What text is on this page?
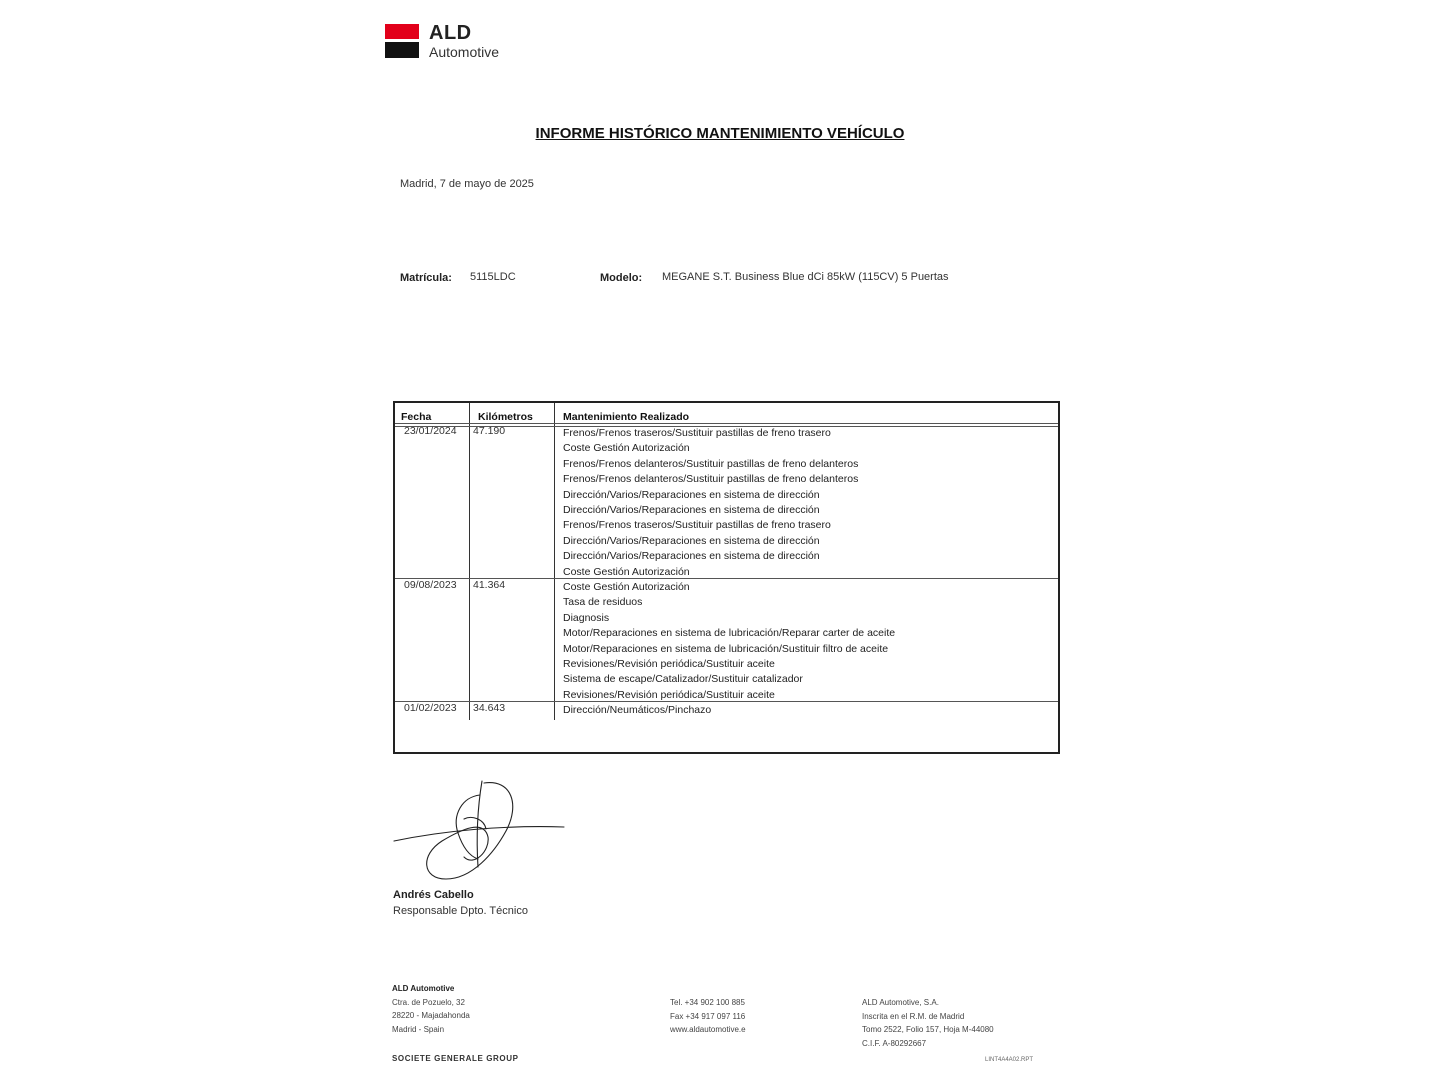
ALD
Automotive
INFORME HISTÓRICO MANTENIMIENTO VEHÍCULO
Madrid, 7 de mayo de 2025
Matrícula: 5115LDC	Modelo: MEGANE S.T. Business Blue dCi 85kW (115CV) 5 Puertas
Fecha	Kilómetros	Mantenimiento Realizado
23/01/2024 47.190	Frenos/Frenos traseros/Sustituir pastillas de freno trasero
Coste Gestión Autorización
Frenos/Frenos delanteros/Sustituir pastillas de freno delanteros
Frenos/Frenos delanteros/Sustituir pastillas de freno delanteros
Dirección/Varios/Reparaciones en sistema de dirección
Dirección/Varios/Reparaciones en sistema de dirección
Frenos/Frenos traseros/Sustituir pastillas de freno trasero
Dirección/Varios/Reparaciones en sistema de dirección
Dirección/Varios/Reparaciones en sistema de dirección
Coste Gestión Autorización
09/08/2023 41.364	Coste Gestión Autorización
Tasa de residuos
Diagnosis
Motor/Reparaciones en sistema de lubricación/Reparar carter de aceite
Motor/Reparaciones en sistema de lubricación/Sustituir filtro de aceite
Revisiones/Revisión periódica/Sustituir aceite
Sistema de escape/Catalizador/Sustituir catalizador
Revisiones/Revisión periódica/Sustituir aceite
01/02/2023 34.643	Dirección/Neumáticos/Pinchazo
Andrés Cabello
Responsable Dpto. Técnico
ALD Automotive
Ctra. de Pozuelo, 32
28220 - Majadahonda
Madrid - Spain
Tel. +34 902 100 885
Fax +34 917 097 116
www.aldautomotive.e
ALD Automotive, S.A.
Inscrita en el R.M. de Madrid
Tomo 2522, Folio 157, Hoja M-44080
C.I.F. A-80292667
SOCIETE GENERALE GROUP	LINT4A4A02.RPT
